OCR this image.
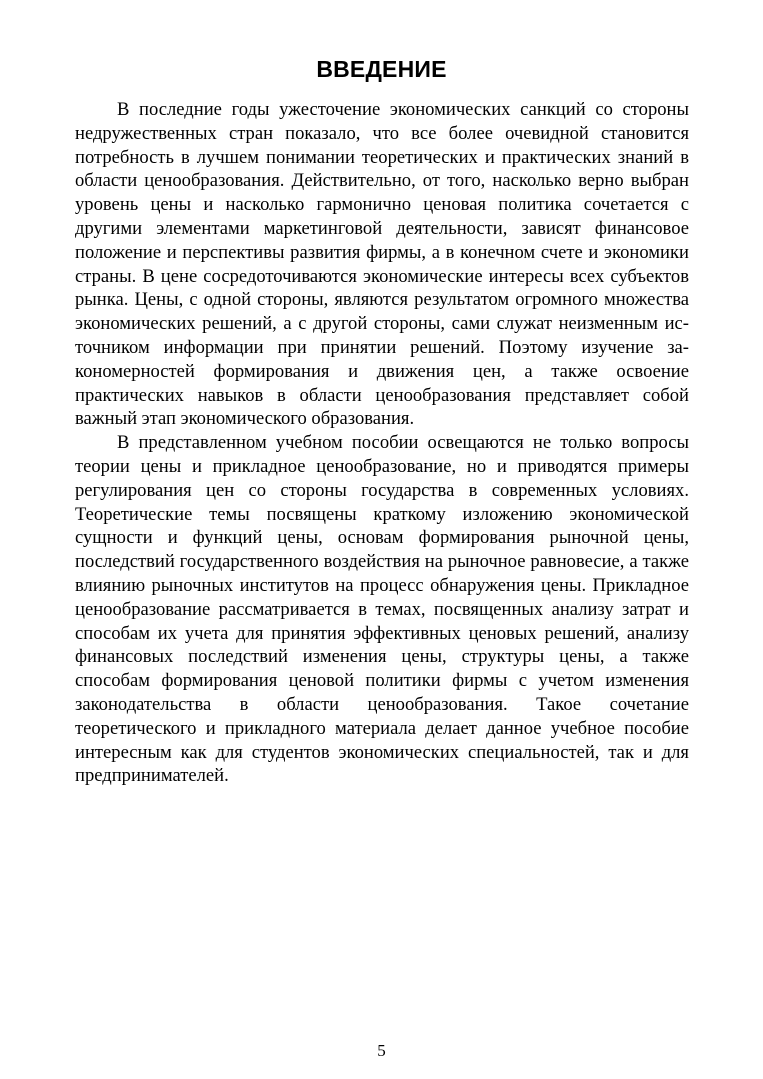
ВВЕДЕНИЕ

В последние годы ужесточение экономических санкций со стороны недружественных стран показало, что все более очевидной становится потребность в лучшем понимании теоретических и практических знаний в области ценообразования. Действительно, от того, насколько верно выбран уровень цены и насколько гармонично ценовая политика сочетается с другими элементами маркетинговой деятельности, зависят финансовое положение и перспективы развития фирмы, а в конечном счете и экономики страны. В цене сосредоточиваются экономические интересы всех субъектов рынка. Цены, с одной стороны, являются результатом огромного множества экономических решений, а с другой стороны, сами служат неизменным источником информации при принятии решений. Поэтому изучение закономерностей формирования и движения цен, а также освоение практических навыков в области ценообразования представляет собой важный этап экономического образования.

В представленном учебном пособии освещаются не только вопросы теории цены и прикладное ценообразование, но и приводятся примеры регулирования цен со стороны государства в современных условиях. Теоретические темы посвящены краткому изложению экономической сущности и функций цены, основам формирования рыночной цены, последствий государственного воздействия на рыночное равновесие, а также влиянию рыночных институтов на процесс обнаружения цены. Прикладное ценообразование рассматривается в темах, посвященных анализу затрат и способам их учета для принятия эффективных ценовых решений, анализу финансовых последствий изменения цены, структуры цены, а также способам формирования ценовой политики фирмы с учетом изменения законодательства в области ценообразования. Такое сочетание теоретического и прикладного материала делает данное учебное пособие интересным как для студентов экономических специальностей, так и для предпринимателей.

5
